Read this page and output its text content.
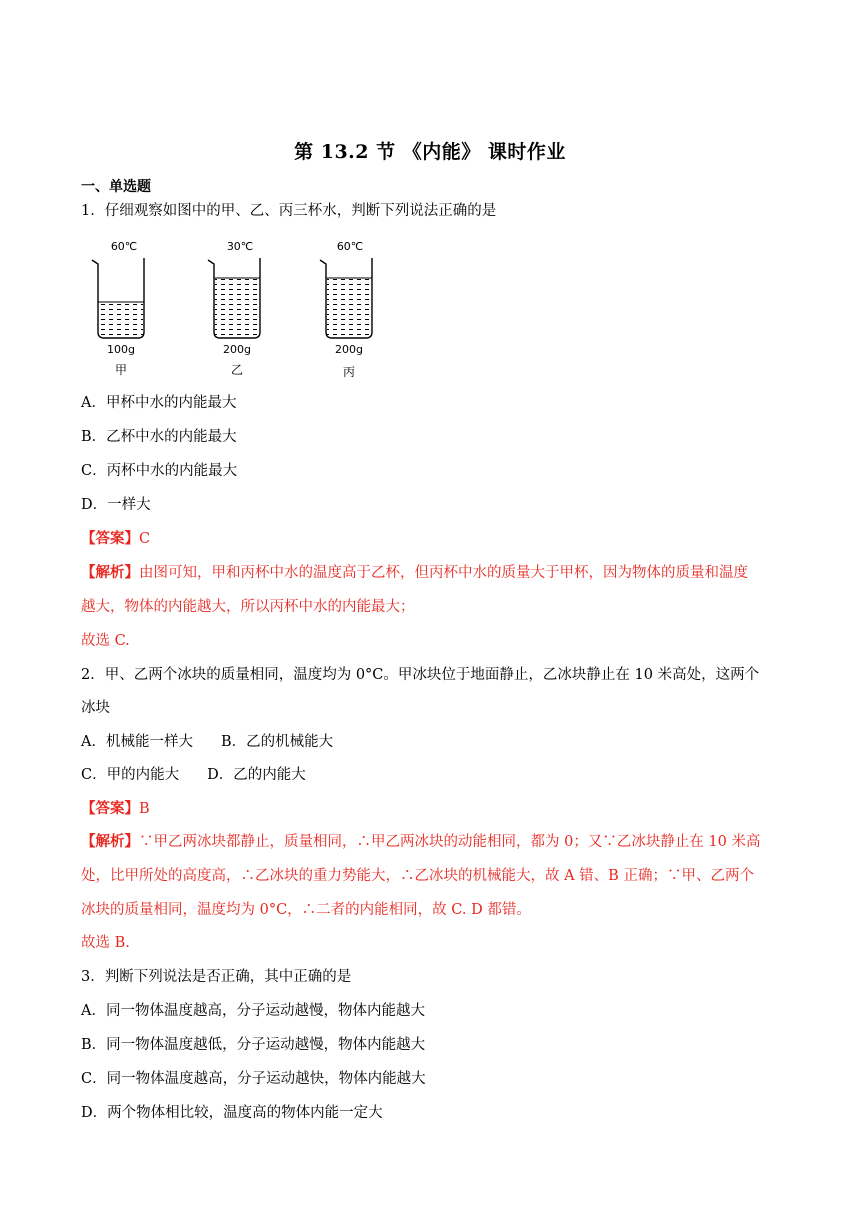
第 13.2 节 《内能》 课时作业
一、单选题
1．仔细观察如图中的甲、乙、丙三杯水，判断下列说法正确的是
60℃
100g
甲
30℃
200g
乙
60℃
200g
丙
A．甲杯中水的内能最大
B．乙杯中水的内能最大
C．丙杯中水的内能最大
D．一样大
【答案】C
【解析】由图可知，甲和丙杯中水的温度高于乙杯，但丙杯中水的质量大于甲杯，因为物体的质量和温度
越大，物体的内能越大，所以丙杯中水的内能最大；
故选 C.
2．甲、乙两个冰块的质量相同，温度均为 0°C。甲冰块位于地面静止，乙冰块静止在 10 米高处，这两个
冰块
A．机械能一样大 B．乙的机械能大
C．甲的内能大 D．乙的内能大
【答案】B
【解析】∵甲乙两冰块都静止，质量相同，∴甲乙两冰块的动能相同，都为 0；又∵乙冰块静止在 10 米高
处，比甲所处的高度高，∴乙冰块的重力势能大，∴乙冰块的机械能大，故 A 错、B 正确；∵甲、乙两个
冰块的质量相同，温度均为 0°C，∴二者的内能相同，故 C. D 都错。
故选 B.
3．判断下列说法是否正确，其中正确的是
A．同一物体温度越高，分子运动越慢，物体内能越大
B．同一物体温度越低，分子运动越慢，物体内能越大
C．同一物体温度越高，分子运动越快，物体内能越大
D．两个物体相比较，温度高的物体内能一定大
